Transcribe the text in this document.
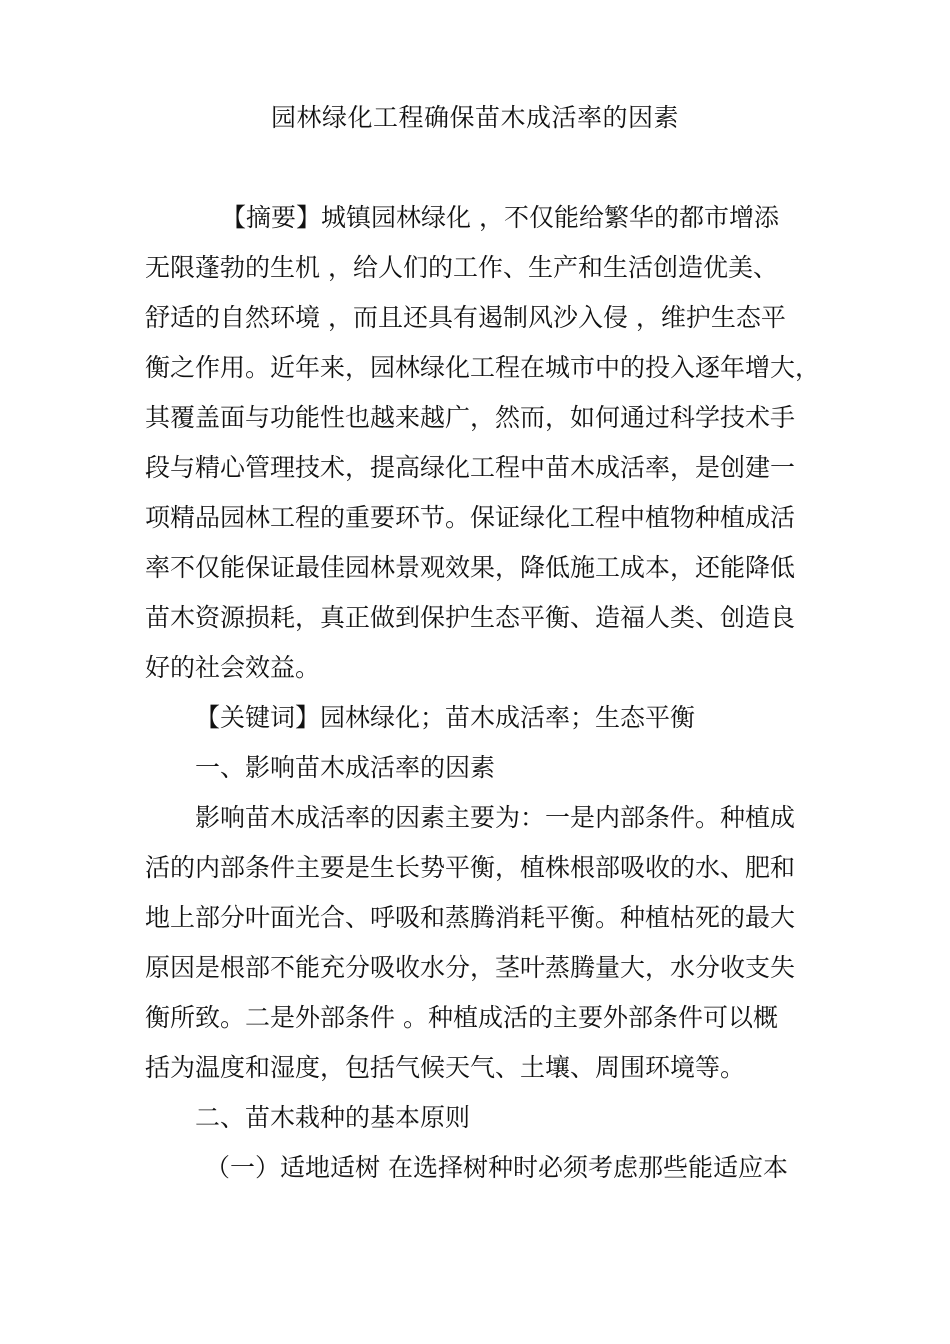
园林绿化工程确保苗木成活率的因素
【摘要】城镇园林绿化 ，不仅能给繁华的都市增添
无限蓬勃的生机 ，给人们的工作、生产和生活创造优美、
舒适的自然环境 ，而且还具有遏制风沙入侵 ，维护生态平
衡之作用。近年来，园林绿化工程在城市中的投入逐年增大，
其覆盖面与功能性也越来越广，然而，如何通过科学技术手
段与精心管理技术，提高绿化工程中苗木成活率，是创建一
项精品园林工程的重要环节。保证绿化工程中植物种植成活
率不仅能保证最佳园林景观效果，降低施工成本，还能降低
苗木资源损耗，真正做到保护生态平衡、造福人类、创造良
好的社会效益。
【关键词】园林绿化；苗木成活率；生态平衡
一、影响苗木成活率的因素
影响苗木成活率的因素主要为：一是内部条件。种植成
活的内部条件主要是生长势平衡，植株根部吸收的水、肥和
地上部分叶面光合、呼吸和蒸腾消耗平衡。种植枯死的最大
原因是根部不能充分吸收水分，茎叶蒸腾量大，水分收支失
衡所致。二是外部条件 。种植成活的主要外部条件可以概
括为温度和湿度，包括气候天气、土壤、周围环境等。
二、苗木栽种的基本原则
（一）适地适树 在选择树种时必须考虑那些能适应本
